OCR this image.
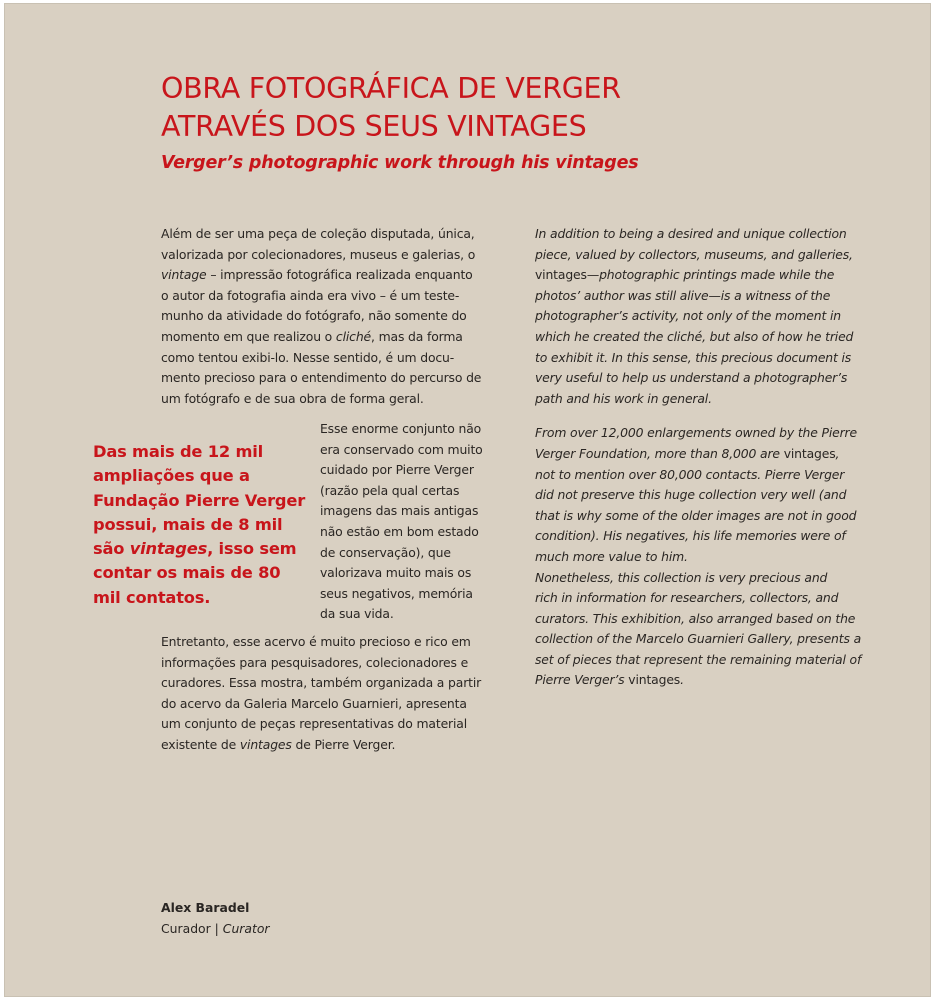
OBRA FOTOGRÁFICA DE VERGER
ATRAVÉS DOS SEUS VINTAGES
Verger’s photographic work through his vintages
Além de ser uma peça de coleção disputada, única,
valorizada por colecionadores, museus e galerias, o
vintage – impressão fotográfica realizada enquanto
o autor da fotografia ainda era vivo – é um teste-
munho da atividade do fotógrafo, não somente do
momento em que realizou o cliché, mas da forma
como tentou exibi-lo. Nesse sentido, é um docu-
mento precioso para o entendimento do percurso de
um fotógrafo e de sua obra de forma geral.
Esse enorme conjunto não
era conservado com muito
cuidado por Pierre Verger
(razão pela qual certas
imagens das mais antigas
não estão em bom estado
de conservação), que
valorizava muito mais os
seus negativos, memória
da sua vida.
Entretanto, esse acervo é muito precioso e rico em
informações para pesquisadores, colecionadores e
curadores. Essa mostra, também organizada a partir
do acervo da Galeria Marcelo Guarnieri, apresenta
um conjunto de peças representativas do material
existente de vintages de Pierre Verger.
Das mais de 12 mil
ampliações que a
Fundação Pierre Verger
possui, mais de 8 mil
são vintages, isso sem
contar os mais de 80
mil contatos.
In addition to being a desired and unique collection
piece, valued by collectors, museums, and galleries,
vintages—photographic printings made while the
photos’ author was still alive—is a witness of the
photographer’s activity, not only of the moment in
which he created the cliché, but also of how he tried
to exhibit it. In this sense, this precious document is
very useful to help us understand a photographer’s
path and his work in general.
From over 12,000 enlargements owned by the Pierre
Verger Foundation, more than 8,000 are vintages,
not to mention over 80,000 contacts. Pierre Verger
did not preserve this huge collection very well (and
that is why some of the older images are not in good
condition). His negatives, his life memories were of
much more value to him.
Nonetheless, this collection is very precious and
rich in information for researchers, collectors, and
curators. This exhibition, also arranged based on the
collection of the Marcelo Guarnieri Gallery, presents a
set of pieces that represent the remaining material of
Pierre Verger’s vintages.
Alex Baradel
Curador | Curator
